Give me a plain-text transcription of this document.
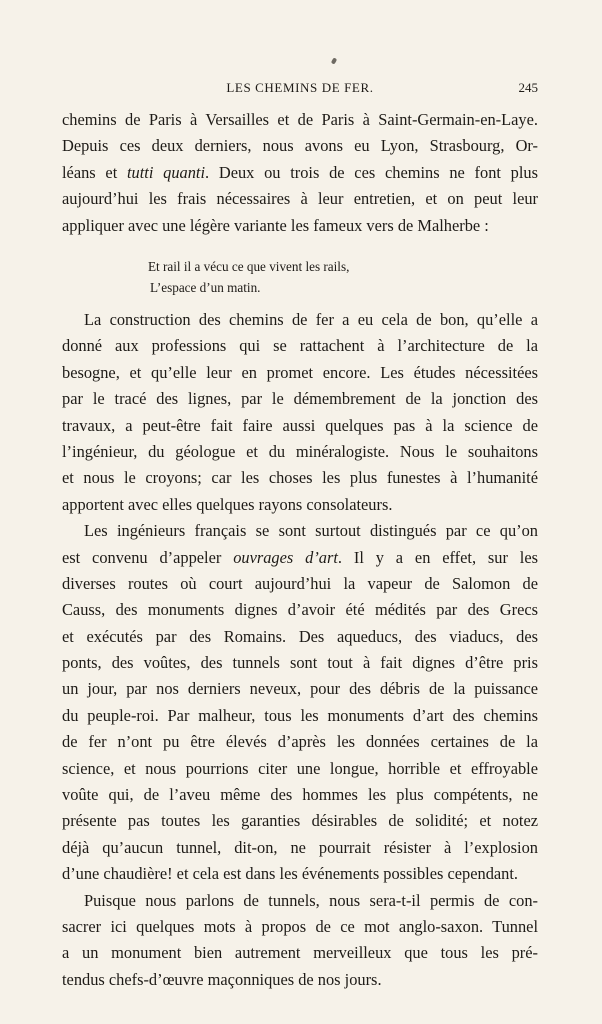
LES CHEMINS DE FER.	245
chemins de Paris à Versailles et de Paris à Saint-Germain-en-Laye.
Depuis ces deux derniers, nous avons eu Lyon, Strasbourg, Or-
léans et tutti quanti. Deux ou trois de ces chemins ne font plus
aujourd’hui les frais nécessaires à leur entretien, et on peut leur
appliquer avec une légère variante les fameux vers de Malherbe :
Et rail il a vécu ce que vivent les rails,
L’espace d’un matin.
La construction des chemins de fer a eu cela de bon, qu’elle a
donné aux professions qui se rattachent à l’architecture de la
besogne, et qu’elle leur en promet encore. Les études nécessitées
par le tracé des lignes, par le démembrement de la jonction des
travaux, a peut-être fait faire aussi quelques pas à la science de
l’ingénieur, du géologue et du minéralogiste. Nous le souhaitons
et nous le croyons; car les choses les plus funestes à l’humanité
apportent avec elles quelques rayons consolateurs.
Les ingénieurs français se sont surtout distingués par ce qu’on
est convenu d’appeler ouvrages d’art. Il y a en effet, sur les
diverses routes où court aujourd’hui la vapeur de Salomon de
Causs, des monuments dignes d’avoir été médités par des Grecs
et exécutés par des Romains. Des aqueducs, des viaducs, des
ponts, des voûtes, des tunnels sont tout à fait dignes d’être pris
un jour, par nos derniers neveux, pour des débris de la puissance
du peuple-roi. Par malheur, tous les monuments d’art des chemins
de fer n’ont pu être élevés d’après les données certaines de la
science, et nous pourrions citer une longue, horrible et effroyable
voûte qui, de l’aveu même des hommes les plus compétents, ne
présente pas toutes les garanties désirables de solidité; et notez
déjà qu’aucun tunnel, dit-on, ne pourrait résister à l’explosion
d’une chaudière! et cela est dans les événements possibles cependant.
Puisque nous parlons de tunnels, nous sera-t-il permis de con-
sacrer ici quelques mots à propos de ce mot anglo-saxon. Tunnel
a un monument bien autrement merveilleux que tous les pré-
tendus chefs-d’œuvre maçonniques de nos jours.
